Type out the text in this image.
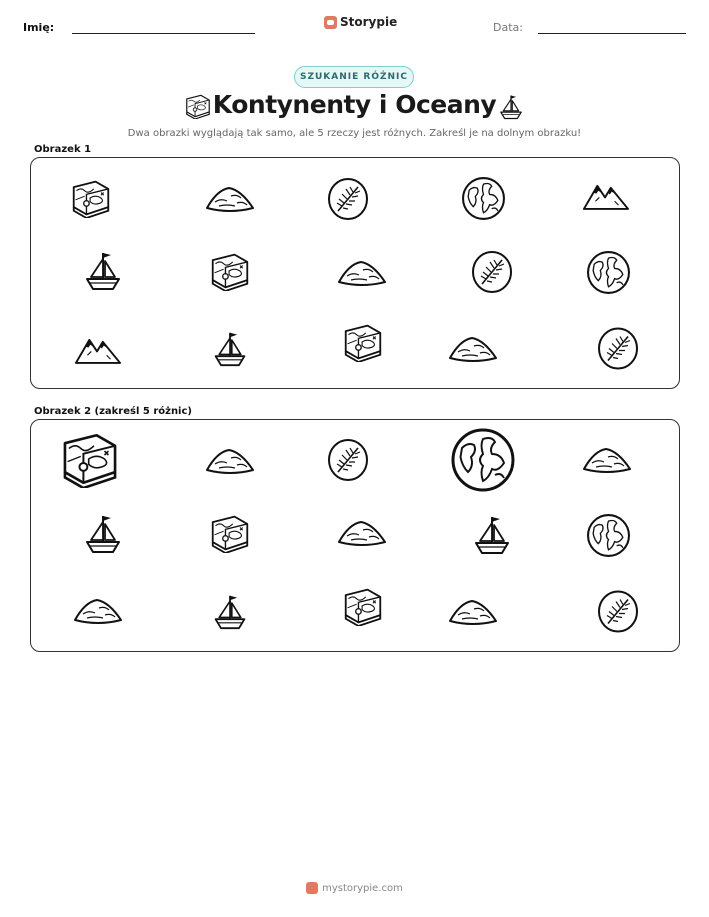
Imię:	Storypie	Data:
SZUKANIE RÓŻNIC
Kontynenty i Oceany
Dwa obrazki wyglądają tak samo, ale 5 rzeczy jest różnych. Zakreśl je na dolnym obrazku!
Obrazek 1
Obrazek 2 (zakreśl 5 różnic)
mystorypie.com
